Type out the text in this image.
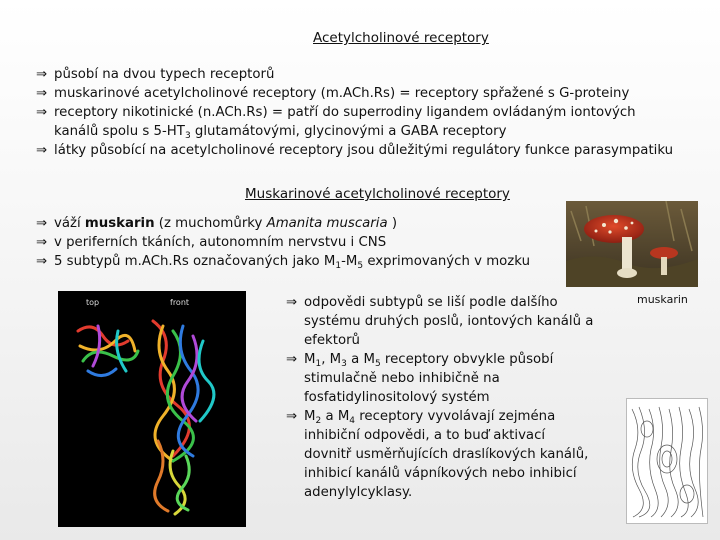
Acetylcholinové receptory
⇒ působí na dvou typech receptorů
⇒ muskarinové acetylcholinové receptory (m.ACh.Rs) = receptory spřažené s G-proteiny
⇒ receptory nikotinické (n.ACh.Rs) = patří do superrodiny ligandem ovládaným iontových
kanálů spolu s $5-HT_3$ glutamátovými, glycinovými a GABA receptory
⇒ látky působící na acetylcholinové receptory jsou důležitými regulátory funkce parasympatiku
Muskarinové acetylcholinové receptory
⇒ váží muskarin (z muchomůrky Amanita muscaria )
⇒ v periferních tkáních, autonomním nervstvu i CNS
⇒ 5 subtypů m.ACh.Rs označovaných jako $M_1-M_5$ exprimovaných v mozku
muskarin
top	front	⇒ odpovědi subtypů se liší podle dalšího
systému druhých poslů, iontových kanálů a
efektorů
⇒ $M_1$, $M_3$ a $M_5$ receptory obvykle působí
stimulačně nebo inhibičně na
fosfatidylinositolový systém
⇒ $M_2$ a $M_4$ receptory vyvolávají zejména
inhibiční odpovědi, a to buď aktivací
dovnitř usměrňujících draslíkových kanálů,
inhibicí kanálů vápníkových nebo inhibicí
adenylylcyklasy.
